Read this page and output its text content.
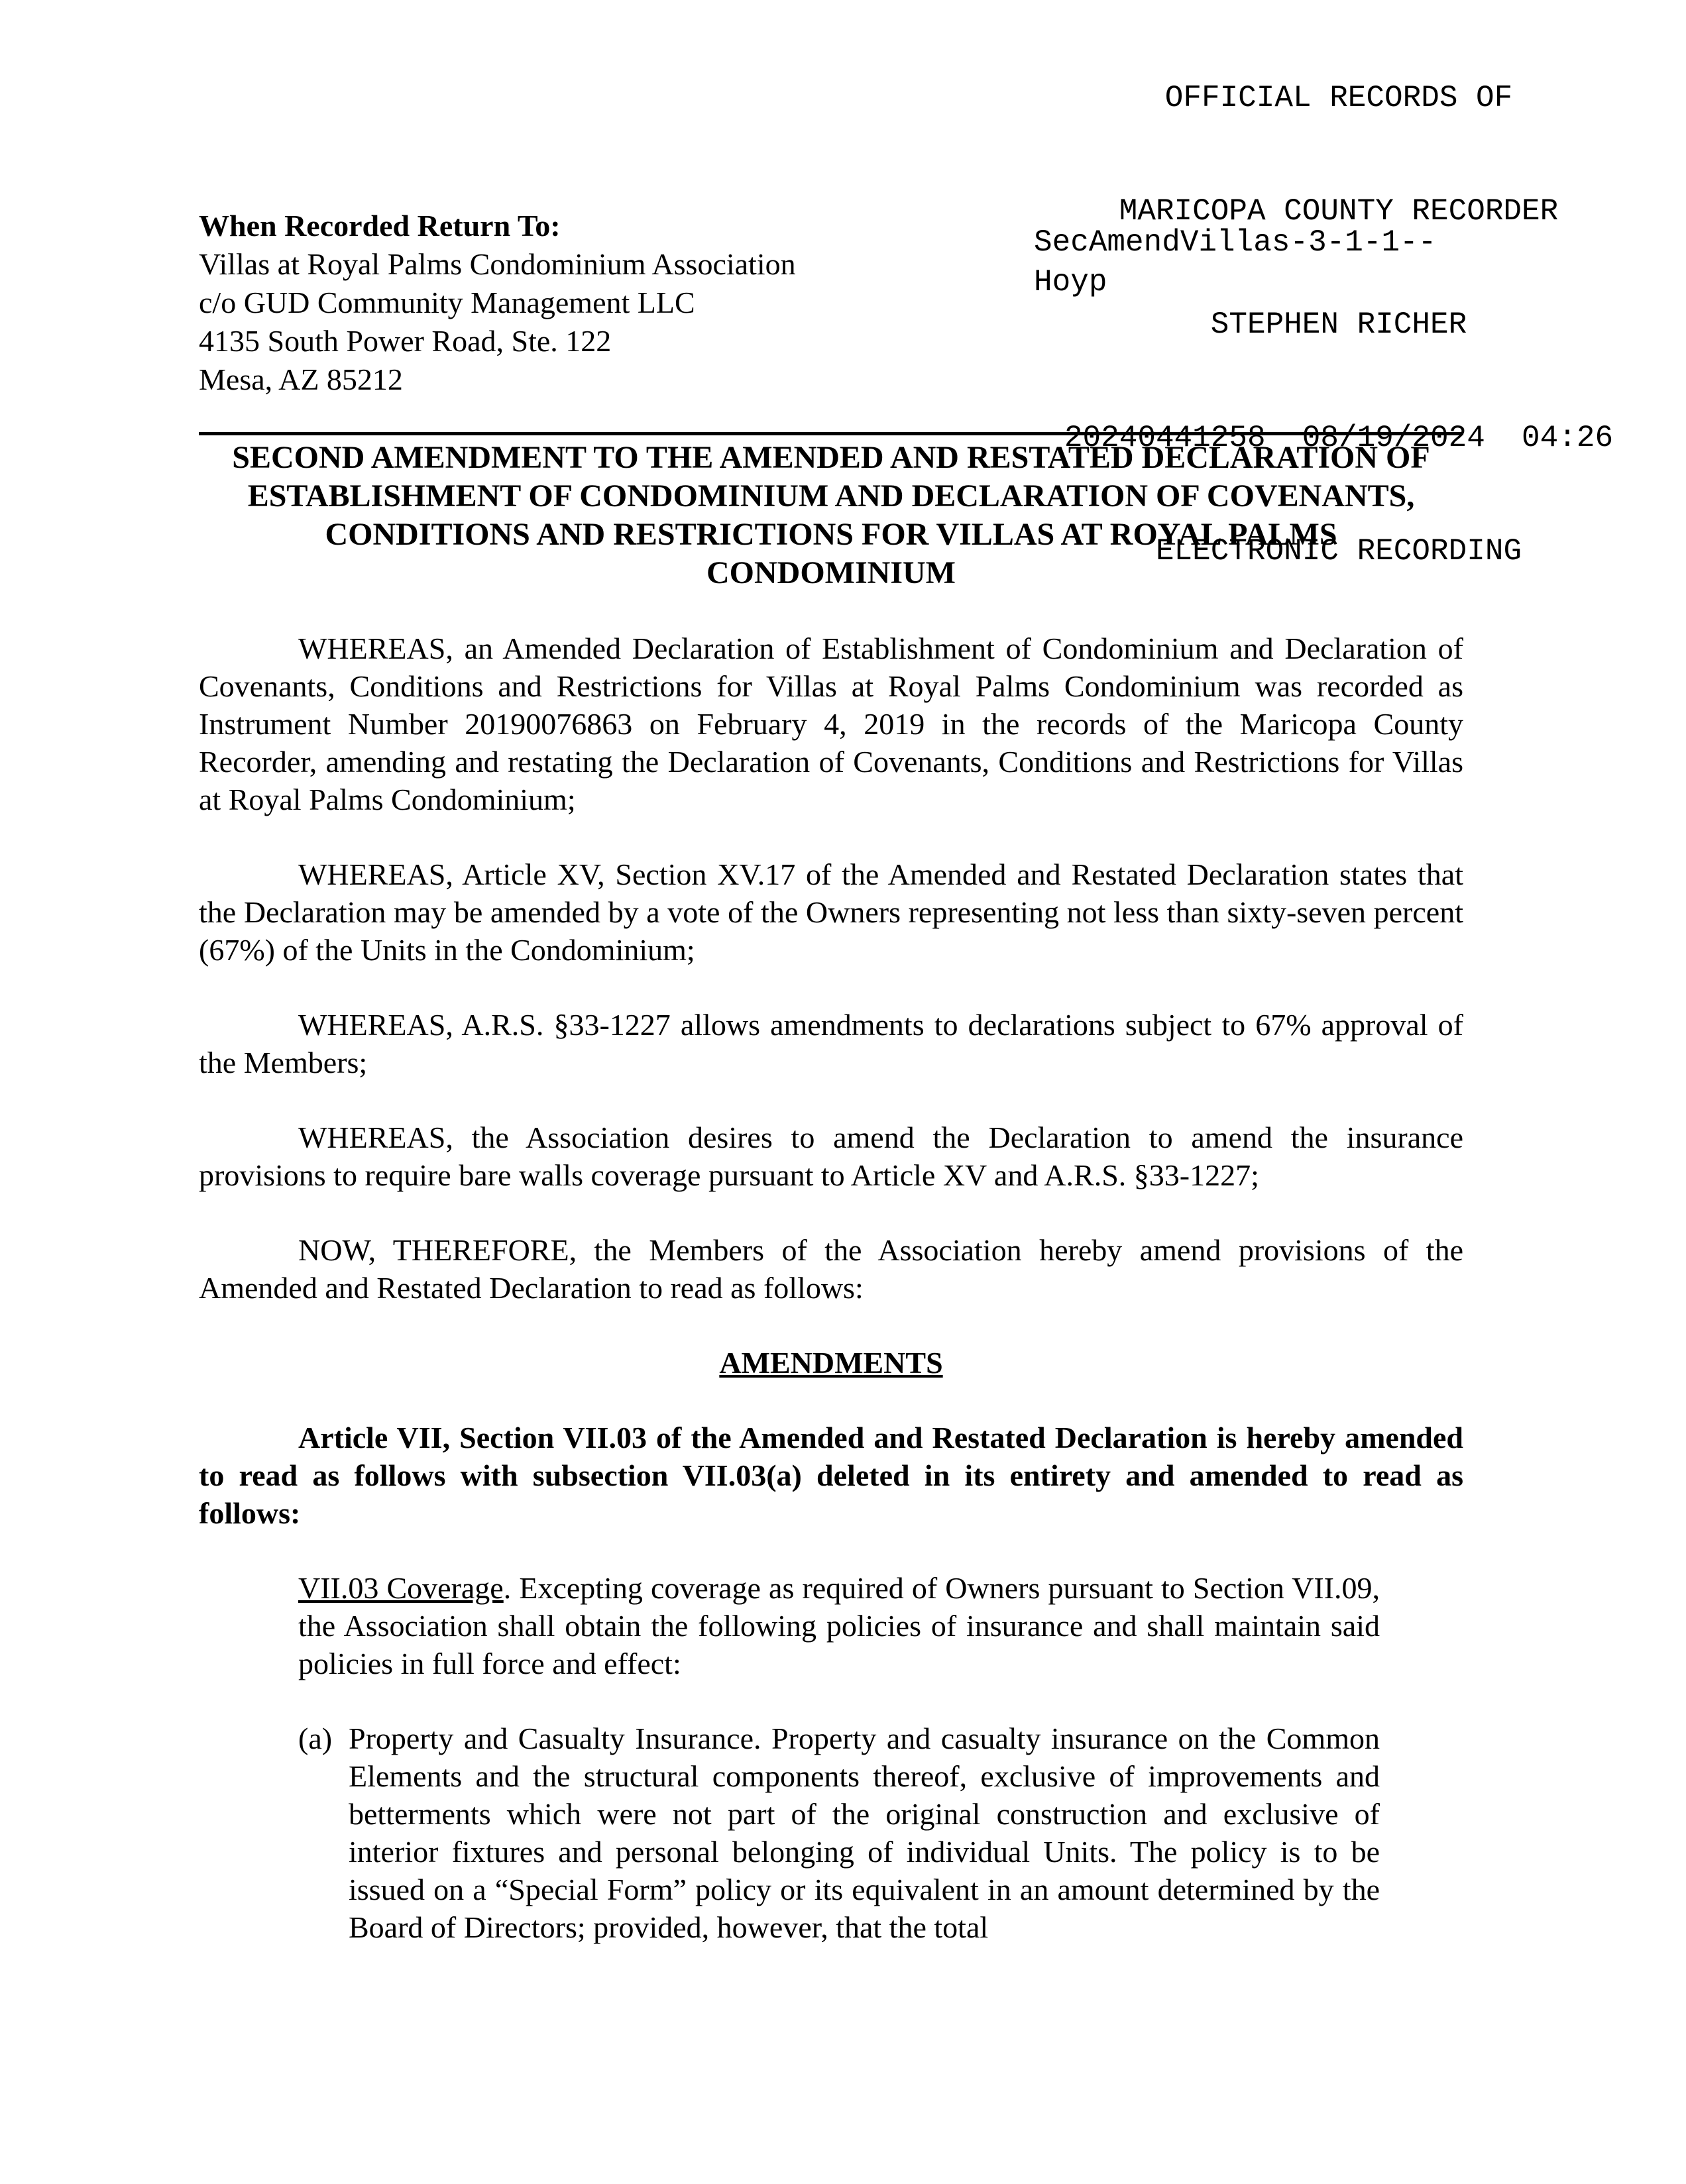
OFFICIAL RECORDS OF

MARICOPA COUNTY RECORDER

STEPHEN RICHER

20240441258  08/19/2024  04:26

ELECTRONIC RECORDING

When Recorded Return To:
Villas at Royal Palms Condominium Association
c/o GUD Community Management LLC
4135 South Power Road, Ste. 122
Mesa, AZ 85212
SecAmendVillas-3-1-1--
Hoyp
SECOND AMENDMENT TO THE AMENDED AND RESTATED DECLARATION OF ESTABLISHMENT OF CONDOMINIUM AND DECLARATION OF COVENANTS, CONDITIONS AND RESTRICTIONS FOR VILLAS AT ROYAL PALMS CONDOMINIUM

WHEREAS, an Amended Declaration of Establishment of Condominium and Declaration of Covenants, Conditions and Restrictions for Villas at Royal Palms Condominium was recorded as Instrument Number 20190076863 on February 4, 2019 in the records of the Maricopa County Recorder, amending and restating the Declaration of Covenants, Conditions and Restrictions for Villas at Royal Palms Condominium;

WHEREAS, Article XV, Section XV.17 of the Amended and Restated Declaration states that the Declaration may be amended by a vote of the Owners representing not less than sixty-seven percent (67%) of the Units in the Condominium;

WHEREAS, A.R.S. §33-1227 allows amendments to declarations subject to 67% approval of the Members;

WHEREAS, the Association desires to amend the Declaration to amend the insurance provisions to require bare walls coverage pursuant to Article XV and A.R.S. §33-1227;

NOW, THEREFORE, the Members of the Association hereby amend provisions of the Amended and Restated Declaration to read as follows:

AMENDMENTS

Article VII, Section VII.03 of the Amended and Restated Declaration is hereby amended to read as follows with subsection VII.03(a) deleted in its entirety and amended to read as follows:

VII.03 Coverage. Excepting coverage as required of Owners pursuant to Section VII.09, the Association shall obtain the following policies of insurance and shall maintain said policies in full force and effect:
(a) Property and Casualty Insurance. Property and casualty insurance on the Common Elements and the structural components thereof, exclusive of improvements and betterments which were not part of the original construction and exclusive of interior fixtures and personal belonging of individual Units. The policy is to be issued on a “Special Form” policy or its equivalent in an amount determined by the Board of Directors; provided, however, that the total
